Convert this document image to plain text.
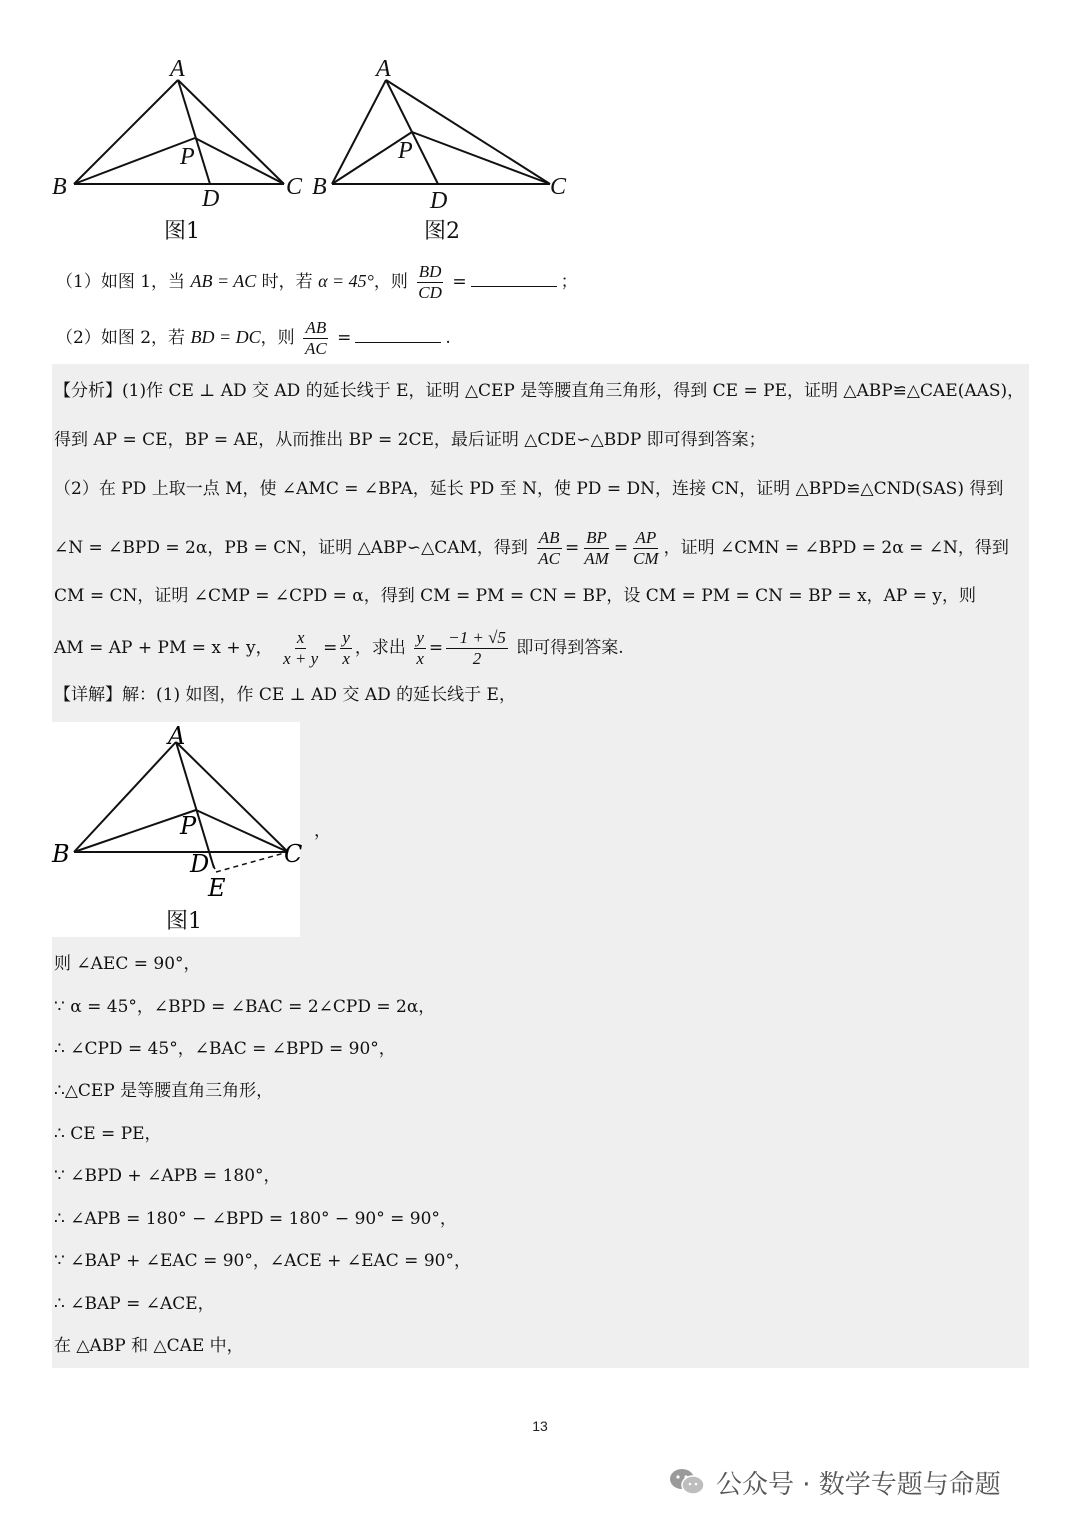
A
B	C
D
P
图1
A
B	C
D
P
图2
（1）如图 1，当 AB = AC 时，若 α = 45°，则 $\frac{BD}{CD}$ =	；
（2）如图 2，若 BD = DC，则 $\frac{AB}{AC}$ =	.
【分析】(1)作 CE ⊥ AD 交 AD 的延长线于 E，证明 △CEP 是等腰直角三角形，得到 CE = PE，证明 △ABP≌△CAE(AAS)，
得到 AP = CE，BP = AE，从而推出 BP = 2CE，最后证明 △CDE∽△BDP 即可得到答案；
（2）在 PD 上取一点 M，使 ∠AMC = ∠BPA，延长 PD 至 N，使 PD = DN，连接 CN，证明 △BPD≌△CND(SAS) 得到
∠N = ∠BPD = 2α，PB = CN，证明 △ABP∽△CAM，得到 $\frac{AB}{AC} = \frac{BP}{AM} = \frac{AP}{CM}$ ，证明 ∠CMN = ∠BPD = 2α = ∠N，得到
CM = CN，证明 ∠CMP = ∠CPD = α，得到 CM = PM = CN = BP，设 CM = PM = CN = BP = x，AP = y，则
AM = AP + PM = x + y， $\frac{x}{x + y} = \frac{y}{x}$ ，求出 $\frac{y}{x} = \frac{-1 + √5}{2}$ 即可得到答案.
【详解】解：(1) 如图，作 CE ⊥ AD 交 AD 的延长线于 E，
A
B	C
D
P
E
图1
，
则 ∠AEC = 90°，
∵ α = 45°，∠BPD = ∠BAC = 2∠CPD = 2α，
∴ ∠CPD = 45°，∠BAC = ∠BPD = 90°，
∴△CEP 是等腰直角三角形，
∴ CE = PE，
∵ ∠BPD + ∠APB = 180°，
∴ ∠APB = 180° − ∠BPD = 180° − 90° = 90°，
∵ ∠BAP + ∠EAC = 90°，∠ACE + ∠EAC = 90°，
∴ ∠BAP = ∠ACE，
在 △ABP 和 △CAE 中，
13
公众号 · 数学专题与命题
